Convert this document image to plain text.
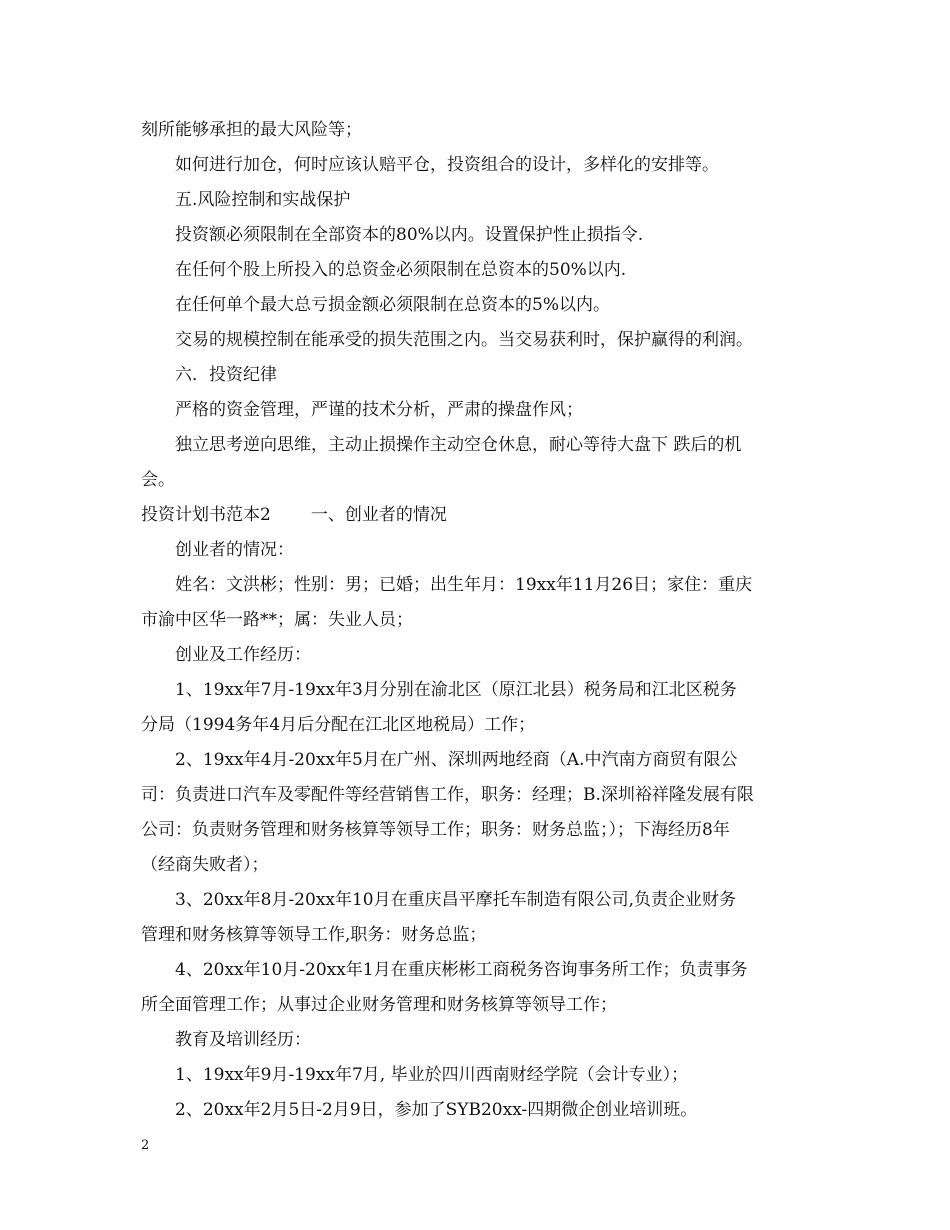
刻所能够承担的最大风险等；
如何进行加仓，何时应该认赔平仓，投资组合的设计，多样化的安排等。
五.风险控制和实战保护
投资额必须限制在全部资本的80%以内。设置保护性止损指令.
在任何个股上所投入的总资金必须限制在总资本的50%以内.
在任何单个最大总亏损金额必须限制在总资本的5%以内。
交易的规模控制在能承受的损失范围之内。当交易获利时，保护赢得的利润。
六．投资纪律
严格的资金管理，严谨的技术分析，严肃的操盘作风；
独立思考逆向思维，主动止损操作主动空仓休息，耐心等待大盘下 跌后的机
会。
投资计划书范本2 一、创业者的情况
创业者的情况：
姓名：文洪彬；性别：男；已婚；出生年月：19xx年11月26日；家住：重庆
市渝中区华一路**；属：失业人员；
创业及工作经历：
1、19xx年7月-19xx年3月分别在渝北区（原江北县）税务局和江北区税务
分局（1994务年4月后分配在江北区地税局）工作；
2、19xx年4月-20xx年5月在广州、深圳两地经商（A.中汽南方商贸有限公
司：负责进口汽车及零配件等经营销售工作，职务：经理；B.深圳裕祥隆发展有限
公司：负责财务管理和财务核算等领导工作；职务：财务总监；）；下海经历8年
（经商失败者）；
3、20xx年8月-20xx年10月在重庆昌平摩托车制造有限公司,负责企业财务
管理和财务核算等领导工作,职务：财务总监；
4、20xx年10月-20xx年1月在重庆彬彬工商税务咨询事务所工作；负责事务
所全面管理工作；从事过企业财务管理和财务核算等领导工作；
教育及培训经历：
1、19xx年9月-19xx年7月, 毕业於四川西南财经学院（会计专业）；
2、20xx年2月5日-2月9日，参加了SYB20xx-四期微企创业培训班。
2
